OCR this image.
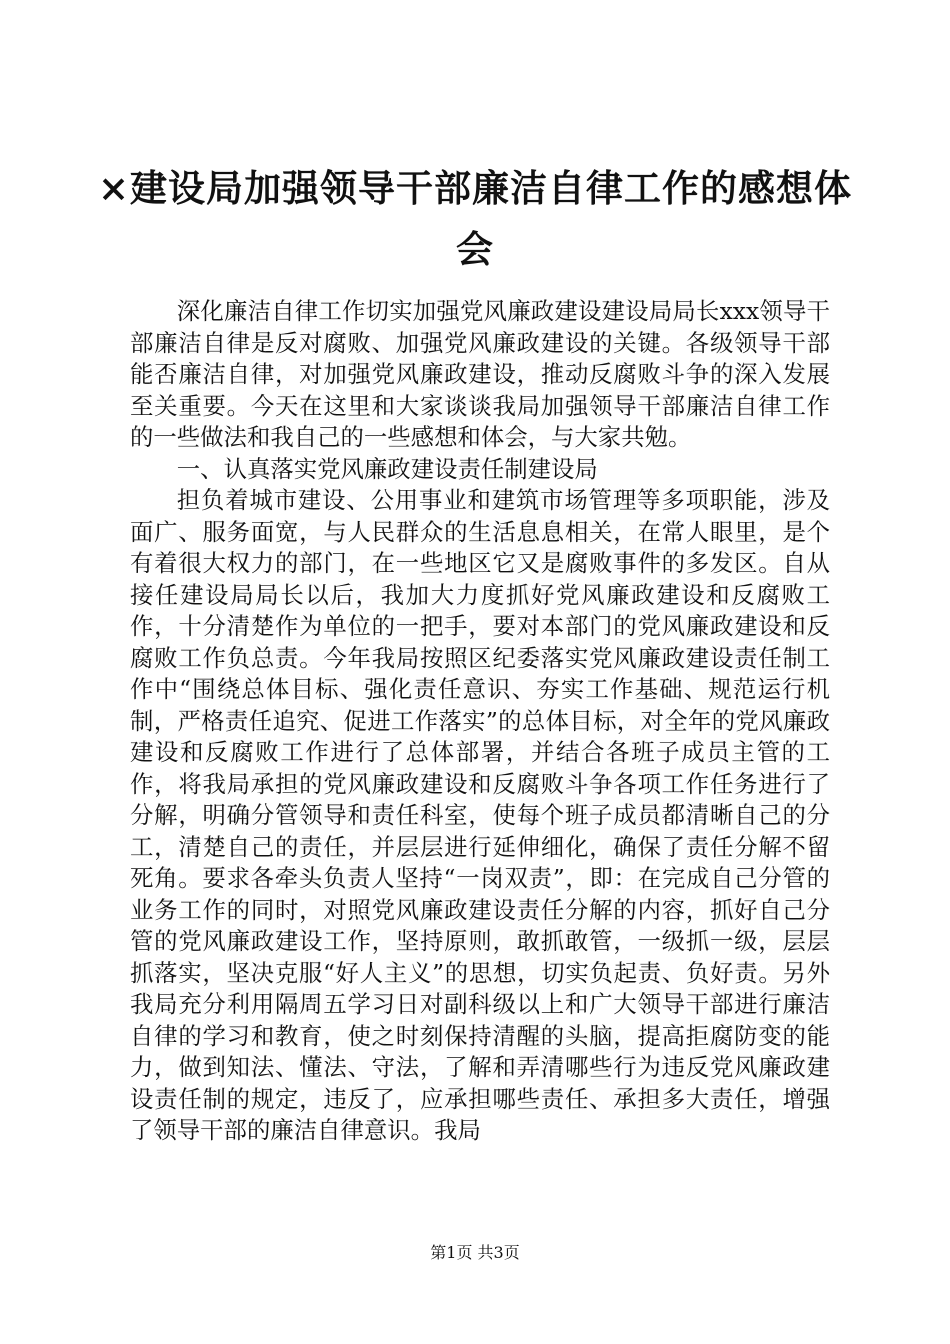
×建设局加强领导干部廉洁自律工作的感想体会

深化廉洁自律工作切实加强党风廉政建设建设局局长xxx领导干部廉洁自律是反对腐败、加强党风廉政建设的关键。各级领导干部能否廉洁自律，对加强党风廉政建设，推动反腐败斗争的深入发展至关重要。今天在这里和大家谈谈我局加强领导干部廉洁自律工作的一些做法和我自己的一些感想和体会，与大家共勉。

一、认真落实党风廉政建设责任制建设局

担负着城市建设、公用事业和建筑市场管理等多项职能，涉及面广、服务面宽，与人民群众的生活息息相关，在常人眼里，是个有着很大权力的部门，在一些地区它又是腐败事件的多发区。自从接任建设局局长以后，我加大力度抓好党风廉政建设和反腐败工作，十分清楚作为单位的一把手，要对本部门的党风廉政建设和反腐败工作负总责。今年我局按照区纪委落实党风廉政建设责任制工作中“围绕总体目标、强化责任意识、夯实工作基础、规范运行机制，严格责任追究、促进工作落实”的总体目标，对全年的党风廉政建设和反腐败工作进行了总体部署，并结合各班子成员主管的工作，将我局承担的党风廉政建设和反腐败斗争各项工作任务进行了分解，明确分管领导和责任科室，使每个班子成员都清晰自己的分工，清楚自己的责任，并层层进行延伸细化，确保了责任分解不留死角。要求各牵头负责人坚持“一岗双责”，即：在完成自己分管的业务工作的同时，对照党风廉政建设责任分解的内容，抓好自己分管的党风廉政建设工作，坚持原则，敢抓敢管，一级抓一级，层层抓落实，坚决克服“好人主义”的思想，切实负起责、负好责。另外我局充分利用隔周五学习日对副科级以上和广大领导干部进行廉洁自律的学习和教育，使之时刻保持清醒的头脑，提高拒腐防变的能力，做到知法、懂法、守法，了解和弄清哪些行为违反党风廉政建设责任制的规定，违反了，应承担哪些责任、承担多大责任，增强了领导干部的廉洁自律意识。我局

第1页 共3页
